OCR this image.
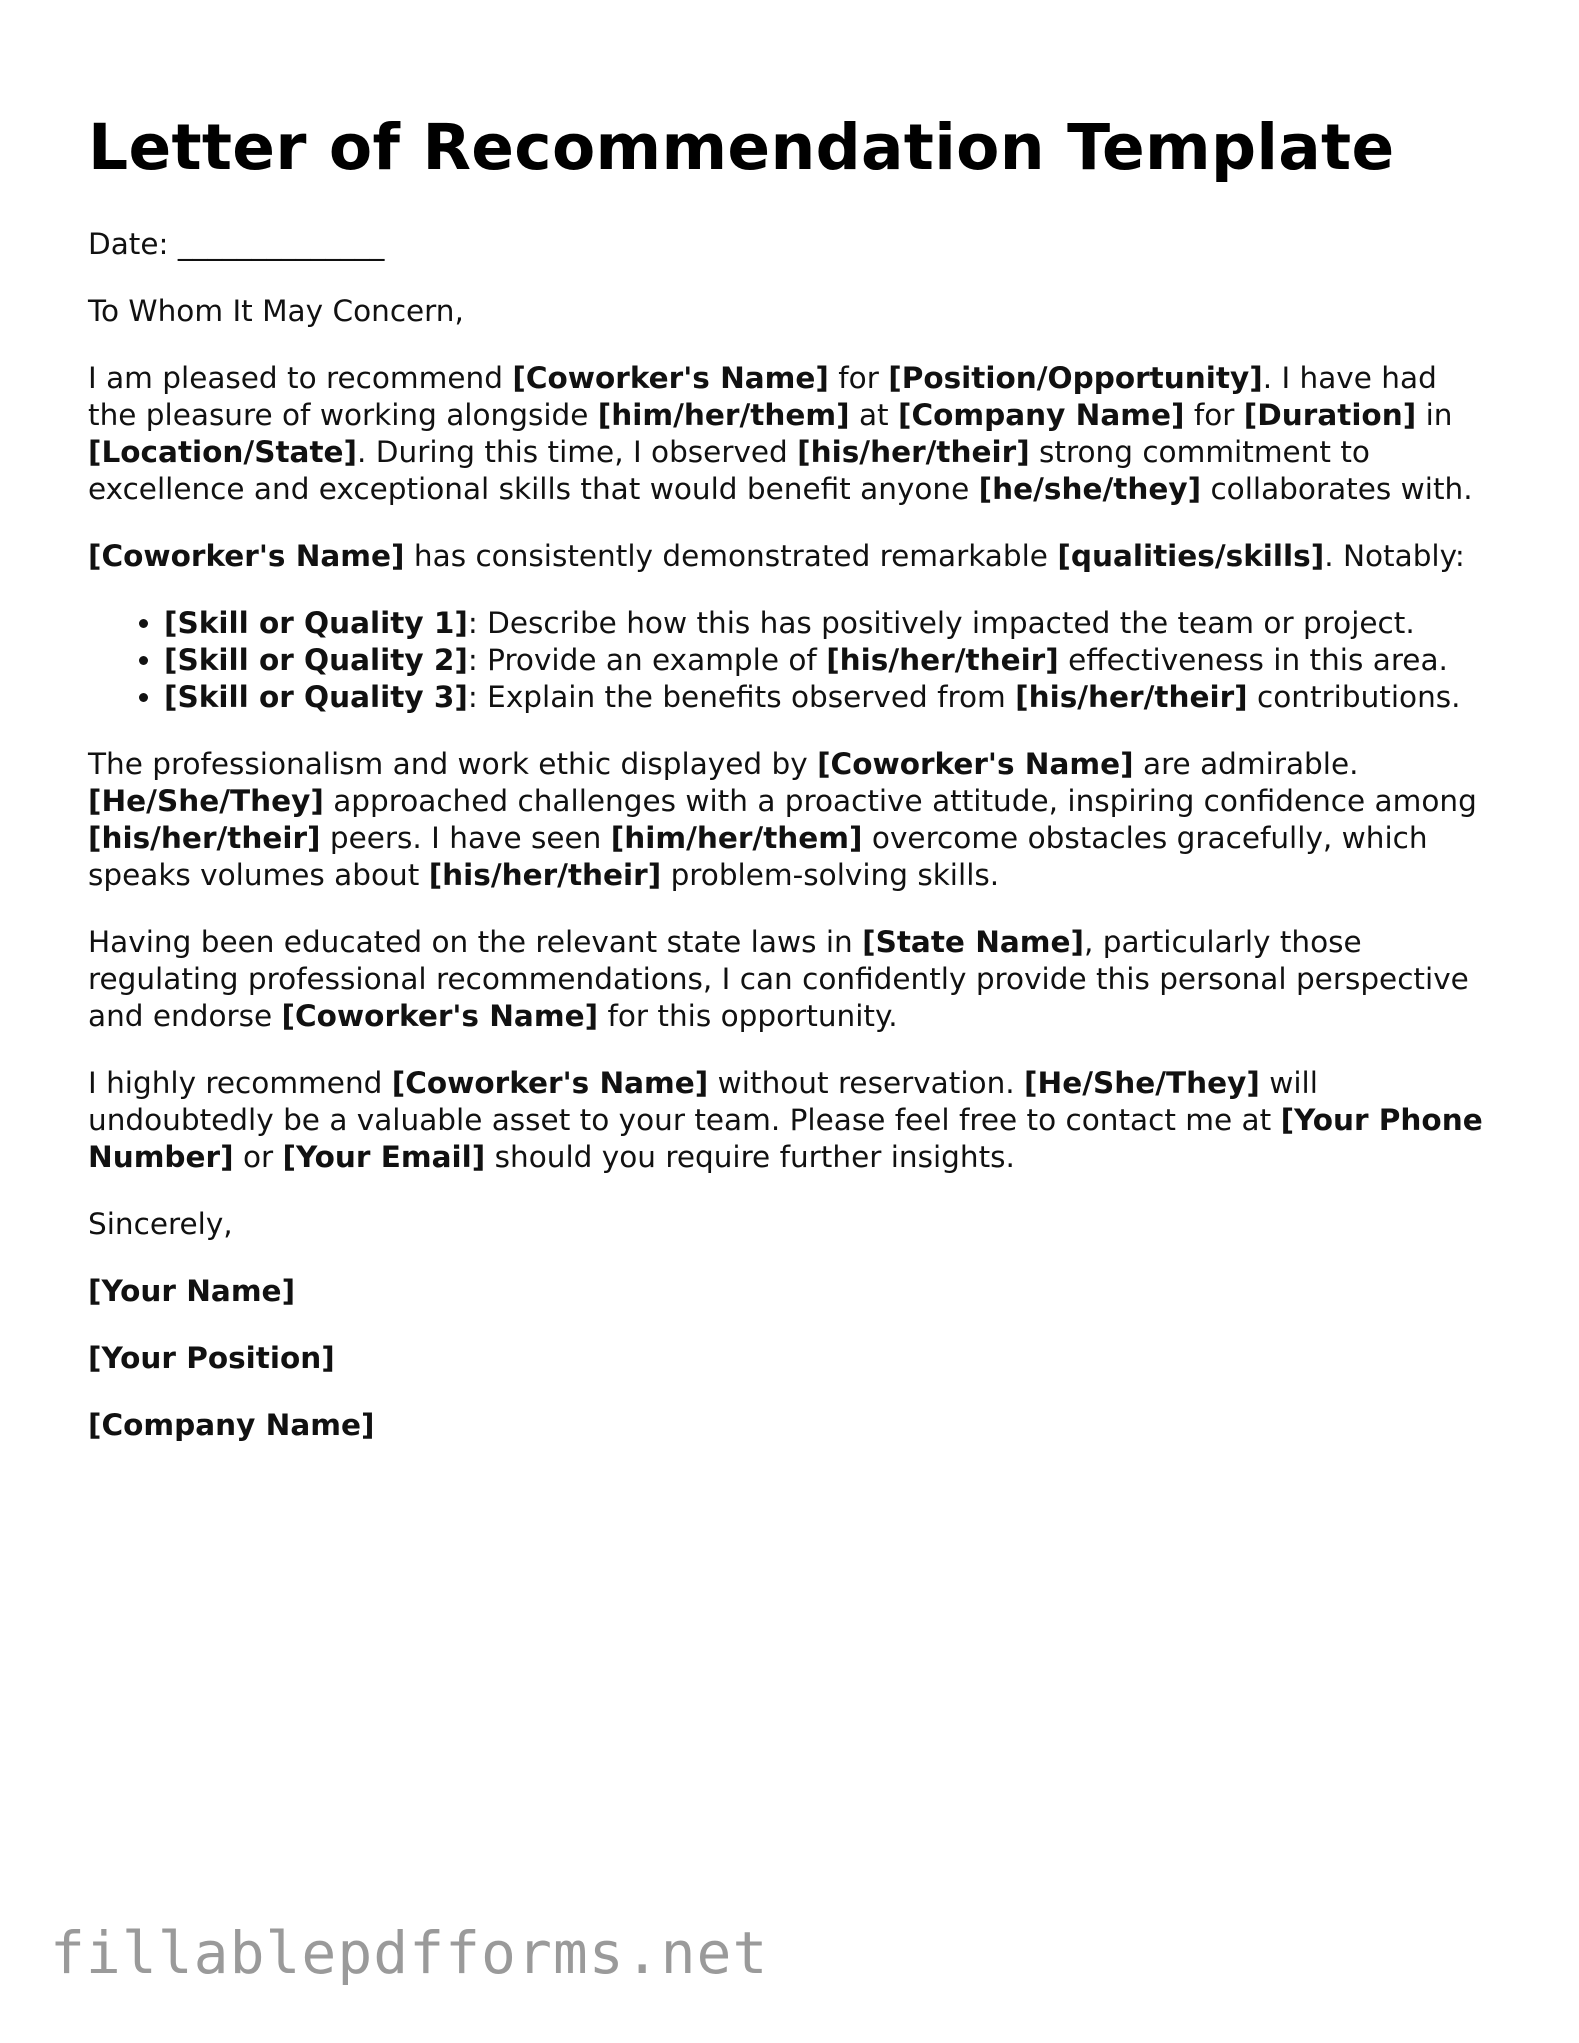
Letter of Recommendation Template

Date: ______________

To Whom It May Concern,

I am pleased to recommend [Coworker's Name] for [Position/Opportunity]. I have had the pleasure of working alongside [him/her/them] at [Company Name] for [Duration] in [Location/State]. During this time, I observed [his/her/their] strong commitment to excellence and exceptional skills that would benefit anyone [he/she/they] collaborates with.

[Coworker's Name] has consistently demonstrated remarkable [qualities/skills]. Notably:

• [Skill or Quality 1]: Describe how this has positively impacted the team or project.
• [Skill or Quality 2]: Provide an example of [his/her/their] effectiveness in this area.
• [Skill or Quality 3]: Explain the benefits observed from [his/her/their] contributions.

The professionalism and work ethic displayed by [Coworker's Name] are admirable. [He/She/They] approached challenges with a proactive attitude, inspiring confidence among [his/her/their] peers. I have seen [him/her/them] overcome obstacles gracefully, which speaks volumes about [his/her/their] problem-solving skills.

Having been educated on the relevant state laws in [State Name], particularly those regulating professional recommendations, I can confidently provide this personal perspective and endorse [Coworker's Name] for this opportunity.

I highly recommend [Coworker's Name] without reservation. [He/She/They] will undoubtedly be a valuable asset to your team. Please feel free to contact me at [Your Phone Number] or [Your Email] should you require further insights.

Sincerely,

[Your Name]

[Your Position]

[Company Name]

fillablepdfforms.net
